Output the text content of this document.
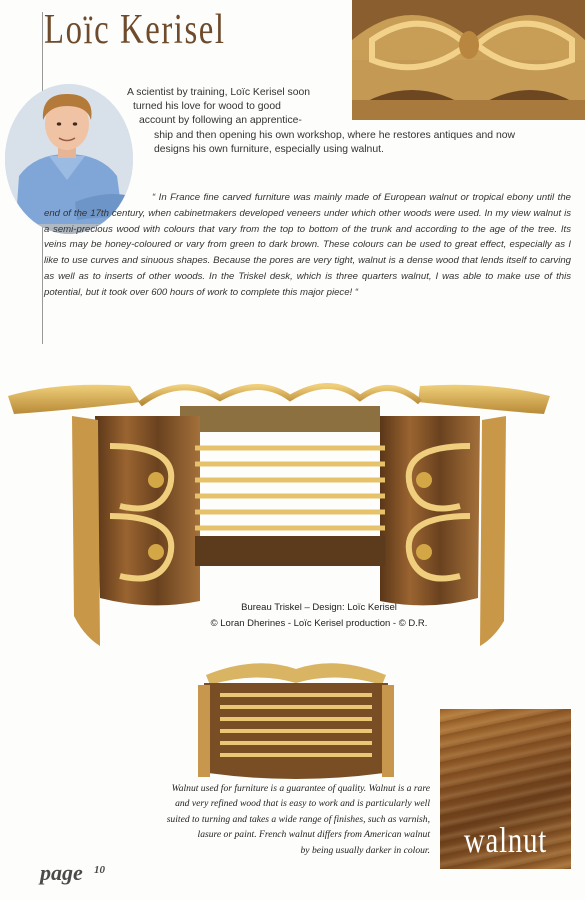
Loïc Kerisel
A scientist by training, Loïc Kerisel soon
turned his love for wood to good
account by following an apprentice-
ship and then opening his own workshop, where he restores antiques and now
designs his own furniture, especially using walnut.
“ In France fine carved furniture was mainly made of European walnut or tropical ebony until the end of the 17th century, when cabinetmakers developed veneers under which other woods were used. In my view walnut is a semi-precious wood with colours that vary from the top to bottom of the trunk and according to the age of the tree. Its veins may be honey-coloured or vary from green to dark brown. These colours can be used to great effect, especially as I like to use curves and sinuous shapes. Because the pores are very tight, walnut is a dense wood that lends itself to carving as well as to inserts of other woods. In the Triskel desk, which is three quarters walnut, I was able to make use of this potential, but it took over 600 hours of work to complete this major piece! “
Bureau Triskel – Design: Loïc Kerisel
© Loran Dherines - Loïc Kerisel production - © D.R.
walnut
Walnut used for furniture is a guarantee of quality. Walnut is a rare
and very refined wood that is easy to work and is particularly well
suited to turning and takes a wide range of finishes, such as varnish,
lasure or paint. French walnut differs from American walnut
by being usually darker in colour.
page 10
